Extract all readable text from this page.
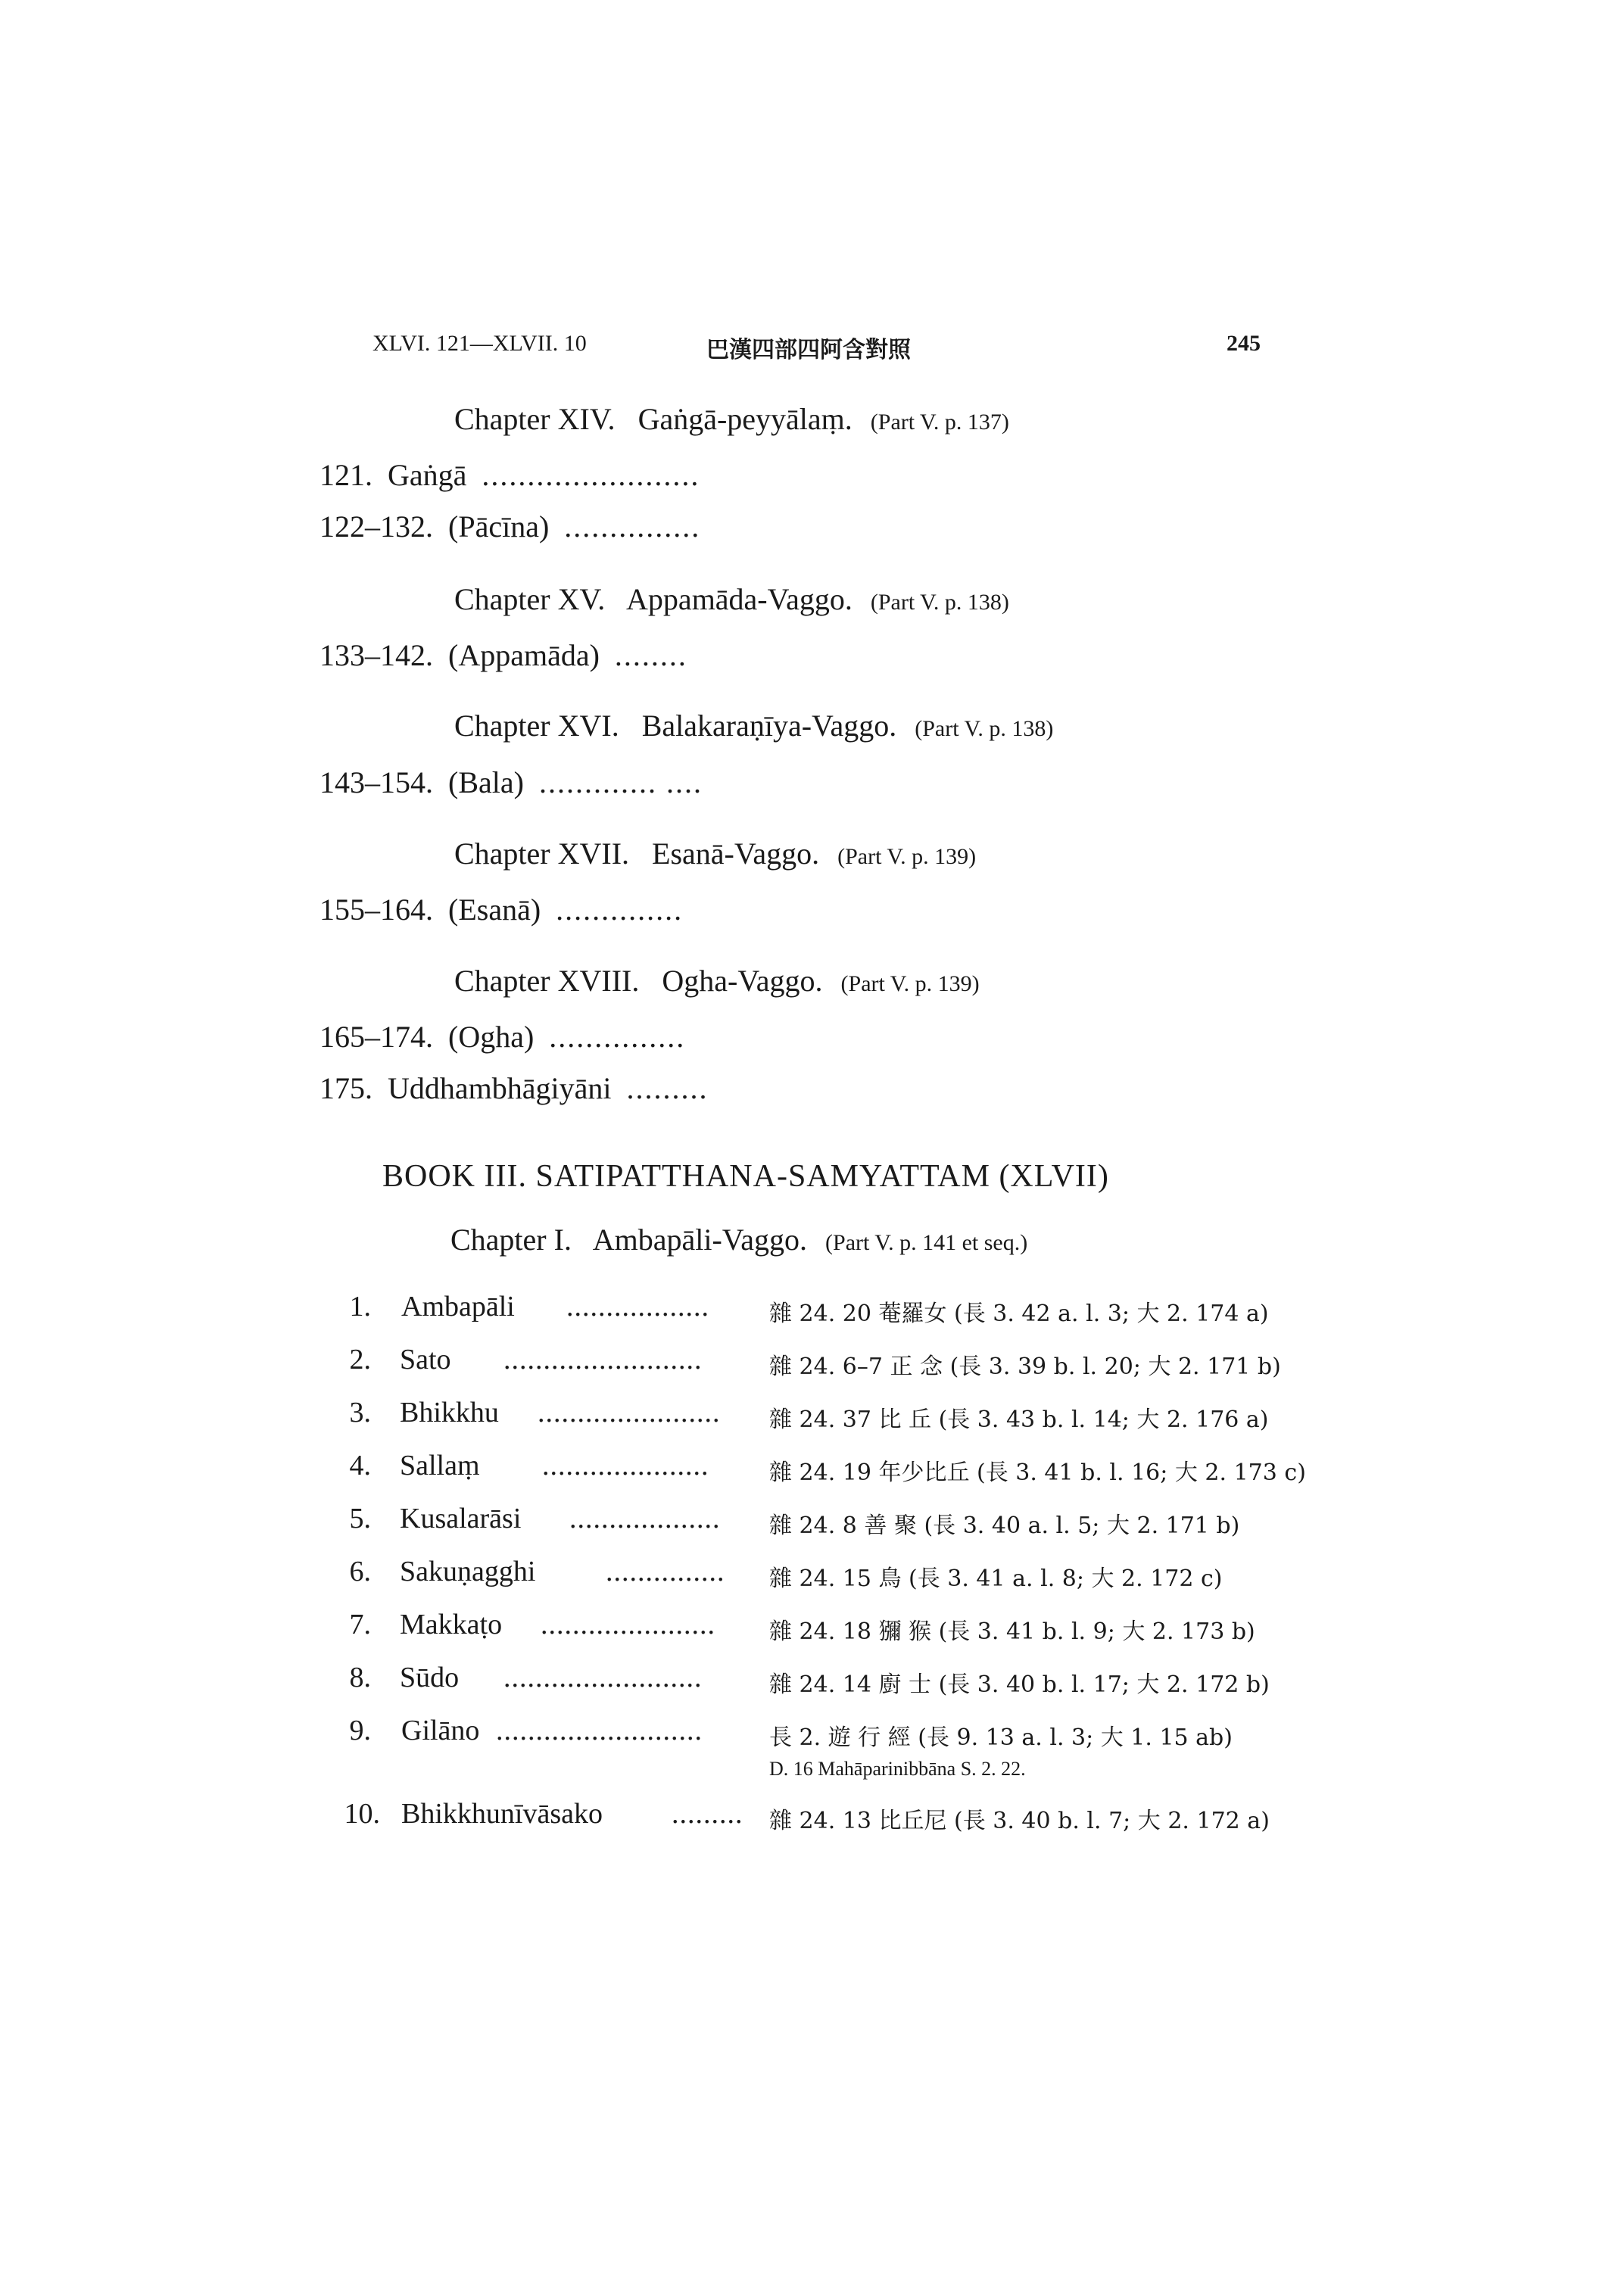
XLVI. 121—XLVII. 10	巴漢四部四阿含對照	245
Chapter XIV. Gaṅgā-peyyālaṃ. (Part V. p. 137)
121. Gaṅgā ........................
122–132. (Pācīna) ...............
Chapter XV. Appamāda-Vaggo. (Part V. p. 138)
133–142. (Appamāda) ........
Chapter XVI. Balakaraṇīya-Vaggo. (Part V. p. 138)
143–154. (Bala) ............. ....
Chapter XVII. Esanā-Vaggo. (Part V. p. 139)
155–164. (Esanā) ..............
Chapter XVIII. Ogha-Vaggo. (Part V. p. 139)
165–174. (Ogha) ...............
175. Uddhambhāgiyāni .........
BOOK III. SATIPATTHANA-SAMYATTAM (XLVII)
Chapter I. Ambapāli-Vaggo. (Part V. p. 141 et seq.)
1. Ambapāli ..................	雜 24. 20 菴羅女 (長 3. 42 a. l. 3; 大 2. 174 a)
2. Sato .........................	雜 24. 6–7 正 念 (長 3. 39 b. l. 20; 大 2. 171 b)
3. Bhikkhu ....................... 雜 24. 37 比 丘 (長 3. 43 b. l. 14; 大 2. 176 a)
4. Sallaṃ .....................	雜 24. 19 年少比丘 (長 3. 41 b. l. 16; 大 2. 173 c)
5. Kusalarāsi ................... 雜 24. 8 善 聚 (長 3. 40 a. l. 5; 大 2. 171 b)
6. Sakuṇagghi ............... 雜 24. 15 鳥 (長 3. 41 a. l. 8; 大 2. 172 c)
7. Makkaṭo ...................... 雜 24. 18 獼 猴 (長 3. 41 b. l. 9; 大 2. 173 b)
8. Sūdo .........................	雜 24. 14 廚 士 (長 3. 40 b. l. 17; 大 2. 172 b)
9. Gilāno ..........................	長 2. 遊 行 經 (長 9. 13 a. l. 3; 大 1. 15 ab)
D. 16 Mahāparinibbāna S. 2. 22.
10. Bhikkhunīvāsako ......... 雜 24. 13 比丘尼 (長 3. 40 b. l. 7; 大 2. 172 a)
